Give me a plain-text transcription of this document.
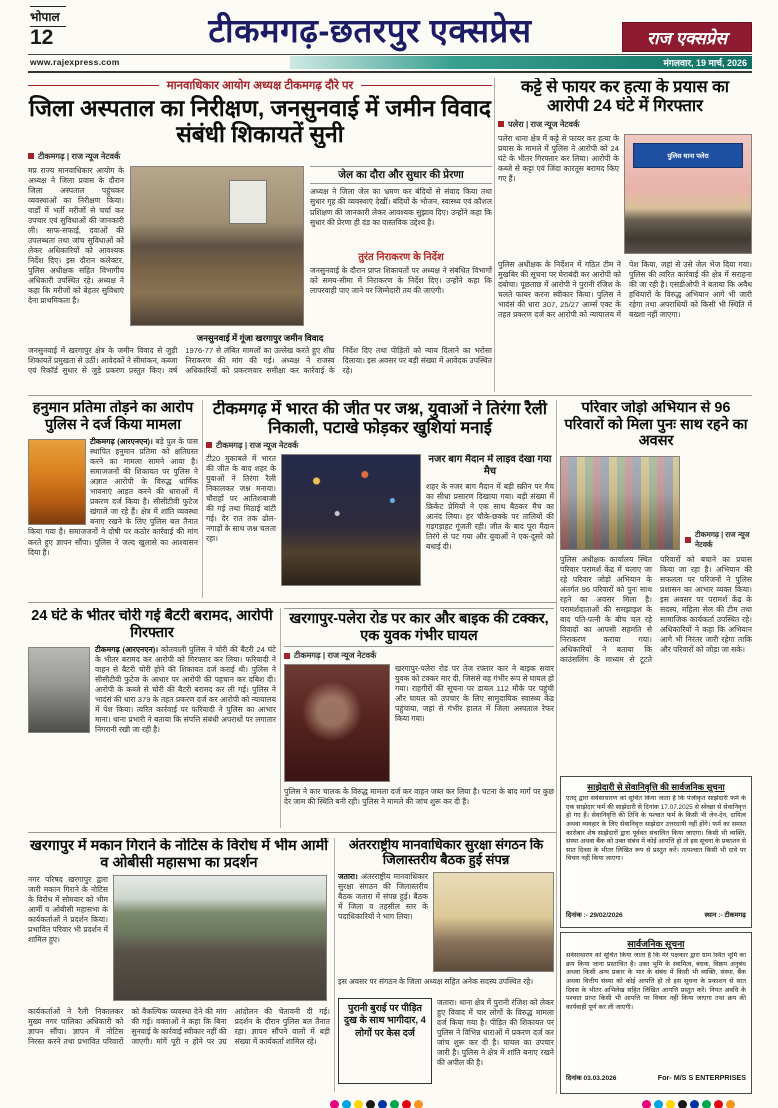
भोपाल
12	टीकमगढ़-छतरपुर एक्सप्रेस	राज एक्सप्रेस
www.rajexpress.com	मंगलवार, 19 मार्च, 2026
मानवाधिकार आयोग अध्यक्ष टीकमगढ़ दौरे पर
जिला अस्पताल का निरीक्षण, जनसुनवाई में जमीन विवाद संबंधी शिकायतें सुनी
टीकमगढ़ | राज न्यूज नेटवर्क
मप्र राज्य मानवाधिकार आयोग के अध्यक्ष ने जिला प्रवास के दौरान जिला अस्पताल पहुंचकर व्यवस्थाओं का निरीक्षण किया। वार्डों में भर्ती मरीजों से चर्चा कर उपचार एवं सुविधाओं की जानकारी ली। साफ-सफाई, दवाओं की उपलब्धता तथा जांच सुविधाओं को लेकर अधिकारियों को आवश्यक निर्देश दिए। इस दौरान कलेक्टर, पुलिस अधीक्षक सहित विभागीय अधिकारी उपस्थित रहे। अध्यक्ष ने कहा कि मरीजों को बेहतर सुविधाएं देना प्राथमिकता है।
जेल का दौरा और सुधार की प्रेरणा
अध्यक्ष ने जिला जेल का भ्रमण कर बंदियों से संवाद किया तथा सुधार गृह की व्यवस्थाएं देखीं। बंदियों के भोजन, स्वास्थ्य एवं कौशल प्रशिक्षण की जानकारी लेकर आवश्यक सुझाव दिए। उन्होंने कहा कि सुधार की प्रेरणा ही दंड का वास्तविक उद्देश्य है।
तुरंत निराकरण के निर्देश
जनसुनवाई के दौरान प्राप्त शिकायतों पर अध्यक्ष ने संबंधित विभागों को समय-सीमा में निराकरण के निर्देश दिए। उन्होंने कहा कि लापरवाही पाए जाने पर जिम्मेदारी तय की जाएगी।
जनसुनवाई में गूंजा खरगापुर जमीन विवाद
जनसुनवाई में खरगापुर क्षेत्र के जमीन विवाद से जुड़ी शिकायतें प्रमुखता से उठीं। आवेदकों ने सीमांकन, कब्जा एवं रिकॉर्ड सुधार से जुड़े प्रकरण प्रस्तुत किए। वर्ष 1976-77 से लंबित मामलों का उल्लेख करते हुए शीघ्र निराकरण की मांग की गई। अध्यक्ष ने राजस्व अधिकारियों को प्रकरणवार समीक्षा कर कार्रवाई के निर्देश दिए तथा पीड़ितों को न्याय दिलाने का भरोसा दिलाया। इस अवसर पर बड़ी संख्या में आवेदक उपस्थित रहे।
कट्टे से फायर कर हत्या के प्रयास का आरोपी 24 घंटे में गिरफ्तार
पलेरा | राज न्यूज नेटवर्क
पलेरा थाना क्षेत्र में कट्टे से फायर कर हत्या के प्रयास के मामले में पुलिस ने आरोपी को 24 घंटे के भीतर गिरफ्तार कर लिया। आरोपी के कब्जे से कट्टा एवं जिंदा कारतूस बरामद किए गए हैं।
पुलिस थाना पलेरा
पुलिस अधीक्षक के निर्देशन में गठित टीम ने मुखबिर की सूचना पर घेराबंदी कर आरोपी को दबोचा। पूछताछ में आरोपी ने पुरानी रंजिश के चलते फायर करना स्वीकार किया। पुलिस ने भादंसं की धारा 307, 25/27 आर्म्स एक्ट के तहत प्रकरण दर्ज कर आरोपी को न्यायालय में पेश किया, जहां से उसे जेल भेज दिया गया। पुलिस की त्वरित कार्रवाई की क्षेत्र में सराहना की जा रही है। एसडीओपी ने बताया कि अवैध हथियारों के विरुद्ध अभियान आगे भी जारी रहेगा तथा अपराधियों को किसी भी स्थिति में बख्शा नहीं जाएगा।
हनुमान प्रतिमा तोड़ने का आरोप पुलिस ने दर्ज किया मामला
टीकमगढ़ (आरएनएन)। बड़े पुल के पास स्थापित हनुमान प्रतिमा को क्षतिग्रस्त करने का मामला सामने आया है। समाजजनों की शिकायत पर पुलिस ने अज्ञात आरोपी के विरुद्ध धार्मिक भावनाएं आहत करने की धाराओं में प्रकरण दर्ज किया है। सीसीटीवी फुटेज खंगाले जा रहे हैं। क्षेत्र में शांति व्यवस्था बनाए रखने के लिए पुलिस बल तैनात किया गया है। समाजजनों ने दोषी पर कठोर कार्रवाई की मांग करते हुए ज्ञापन सौंपा। पुलिस ने जल्द खुलासे का आश्वासन दिया है।
टीकमगढ़ में भारत की जीत पर जश्न, युवाओं ने तिरंगा रैली निकाली, पटाखे फोड़कर खुशियां मनाई
टीकमगढ़ | राज न्यूज नेटवर्क
टी20 मुकाबले में भारत की जीत के बाद शहर के युवाओं ने तिरंगा रैली निकालकर जश्न मनाया। चौराहों पर आतिशबाजी की गई तथा मिठाई बांटी गई। देर रात तक ढोल-नगाड़ों के साथ जश्न चलता रहा।
नजर बाग मैदान में लाइव देखा गया मैच
शहर के नजर बाग मैदान में बड़ी स्क्रीन पर मैच का सीधा प्रसारण दिखाया गया। बड़ी संख्या में क्रिकेट प्रेमियों ने एक साथ बैठकर मैच का आनंद लिया। हर चौके-छक्के पर तालियों की गड़गड़ाहट गूंजती रही। जीत के बाद पूरा मैदान तिरंगे से पट गया और युवाओं ने एक-दूसरे को बधाई दी।
परिवार जोड़ो अभियान से 96 परिवारों को मिला पुनः साथ रहने का अवसर
टीकमगढ़ | राज न्यूज नेटवर्क
पुलिस अधीक्षक कार्यालय स्थित परिवार परामर्श केंद्र में चलाए जा रहे परिवार जोड़ो अभियान के अंतर्गत 96 परिवारों को पुनः साथ रहने का अवसर मिला है। परामर्शदाताओं की समझाइश के बाद पति-पत्नी के बीच चल रहे विवादों का आपसी सहमति से निराकरण कराया गया। अधिकारियों ने बताया कि काउंसलिंग के माध्यम से टूटते परिवारों को बचाने का प्रयास किया जा रहा है। अभियान की सफलता पर परिजनों ने पुलिस प्रशासन का आभार व्यक्त किया। इस अवसर पर परामर्श केंद्र के सदस्य, महिला सेल की टीम तथा सामाजिक कार्यकर्ता उपस्थित रहे। अधिकारियों ने कहा कि अभियान आगे भी निरंतर जारी रहेगा ताकि और परिवारों को जोड़ा जा सके।
24 घंटे के भीतर चोरी गई बैटरी बरामद, आरोपी गिरफ्तार
टीकमगढ़ (आरएनएन)। कोतवाली पुलिस ने चोरी की बैटरी 24 घंटे के भीतर बरामद कर आरोपी को गिरफ्तार कर लिया। फरियादी ने वाहन से बैटरी चोरी होने की शिकायत दर्ज कराई थी। पुलिस ने सीसीटीवी फुटेज के आधार पर आरोपी की पहचान कर दबिश दी। आरोपी के कब्जे से चोरी की बैटरी बरामद कर ली गई। पुलिस ने भादंसं की धारा 379 के तहत प्रकरण दर्ज कर आरोपी को न्यायालय में पेश किया। त्वरित कार्रवाई पर फरियादी ने पुलिस का आभार माना। थाना प्रभारी ने बताया कि संपत्ति संबंधी अपराधों पर लगातार निगरानी रखी जा रही है।
खरगापुर-पलेरा रोड पर कार और बाइक की टक्कर, एक युवक गंभीर घायल
टीकमगढ़ | राज न्यूज नेटवर्क
खरगापुर-पलेरा रोड पर तेज रफ्तार कार ने बाइक सवार युवक को टक्कर मार दी, जिससे वह गंभीर रूप से घायल हो गया। राहगीरों की सूचना पर डायल 112 मौके पर पहुंची और घायल को उपचार के लिए सामुदायिक स्वास्थ्य केंद्र पहुंचाया, जहां से गंभीर हालत में जिला अस्पताल रेफर किया गया।
पुलिस ने कार चालक के विरुद्ध मामला दर्ज कर वाहन जब्त कर लिया है। घटना के बाद मार्ग पर कुछ देर जाम की स्थिति बनी रही। पुलिस ने मामले की जांच शुरू कर दी है।
खरगापुर में मकान गिराने के नोटिस के विरोध में भीम आर्मी व ओबीसी महासभा का प्रदर्शन
नगर परिषद खरगापुर द्वारा जारी मकान गिराने के नोटिस के विरोध में सोमवार को भीम आर्मी व ओबीसी महासभा के कार्यकर्ताओं ने प्रदर्शन किया। प्रभावित परिवार भी प्रदर्शन में शामिल हुए।
कार्यकर्ताओं ने रैली निकालकर मुख्य नगर पालिका अधिकारी को ज्ञापन सौंपा। ज्ञापन में नोटिस निरस्त करने तथा प्रभावित परिवारों को वैकल्पिक व्यवस्था देने की मांग की गई। वक्ताओं ने कहा कि बिना सुनवाई के कार्रवाई स्वीकार नहीं की जाएगी। मांगें पूरी न होने पर उग्र आंदोलन की चेतावनी दी गई। प्रदर्शन के दौरान पुलिस बल तैनात रहा। ज्ञापन सौंपने वालों में बड़ी संख्या में कार्यकर्ता शामिल रहे।
अंतरराष्ट्रीय मानवाधिकार सुरक्षा संगठन कि जिलास्तरीय बैठक हुई संपन्न
जतारा। अंतरराष्ट्रीय मानवाधिकार सुरक्षा संगठन की जिलास्तरीय बैठक जतारा में संपन्न हुई। बैठक में जिला व तहसील स्तर के पदाधिकारियों ने भाग लिया।
इस अवसर पर संगठन के जिला अध्यक्ष सहित अनेक सदस्य उपस्थित रहे।
पुरानी बुराई पर पीड़ित दुख के साथ भागीदार, 4 लोगों पर केस दर्ज
जतारा। थाना क्षेत्र में पुरानी रंजिश को लेकर हुए विवाद में चार लोगों के विरुद्ध मामला दर्ज किया गया है। पीड़ित की शिकायत पर पुलिस ने विभिन्न धाराओं में प्रकरण दर्ज कर जांच शुरू कर दी है। घायल का उपचार जारी है। पुलिस ने क्षेत्र में शांति बनाए रखने की अपील की है।
साझेदारी से सेवानिवृत्ति की सार्वजनिक सूचना
एतद् द्वारा सर्वसाधारण को सूचित किया जाता है कि पंजीकृत साझेदारी फर्म के एक साझेदार फर्म की साझेदारी से दिनांक 17.07.2025 से स्वेच्छा से सेवानिवृत्त हो गए हैं। सेवानिवृत्ति की तिथि के पश्चात फर्म के किसी भी लेन-देन, दायित्व अथवा व्यवहार के लिए सेवानिवृत्त साझेदार उत्तरदायी नहीं होंगे। फर्म का समस्त कारोबार शेष साझेदारों द्वारा पूर्ववत संचालित किया जाएगा। किसी भी व्यक्ति, संस्था अथवा बैंक को उक्त संबंध में कोई आपत्ति हो तो इस सूचना के प्रकाशन से सात दिवस के भीतर लिखित रूप से प्रस्तुत करें। तत्पश्चात किसी भी दावे पर विचार नहीं किया जाएगा।
दिनांक :- 29/02/2026	स्थान :- टीकमगढ़
सार्वजनिक सूचना
सर्वसाधारण को सूचित किया जाता है कि मेरे पक्षकार द्वारा ग्राम स्थित भूमि का क्रय किया जाना प्रस्तावित है। उक्त भूमि के स्वामित्व, बंधक, विक्रय अनुबंध अथवा किसी अन्य प्रकार के भार के संबंध में किसी भी व्यक्ति, संस्था, बैंक अथवा वित्तीय संस्था को कोई आपत्ति हो तो इस सूचना के प्रकाशन से सात दिवस के भीतर अभिलेख सहित लिखित आपत्ति प्रस्तुत करें। नियत अवधि के पश्चात प्राप्त किसी भी आपत्ति पर विचार नहीं किया जाएगा तथा क्रय की कार्यवाही पूर्ण कर ली जाएगी।
दिनांक 03.03.2026	For- M/S S ENTERPRISES
